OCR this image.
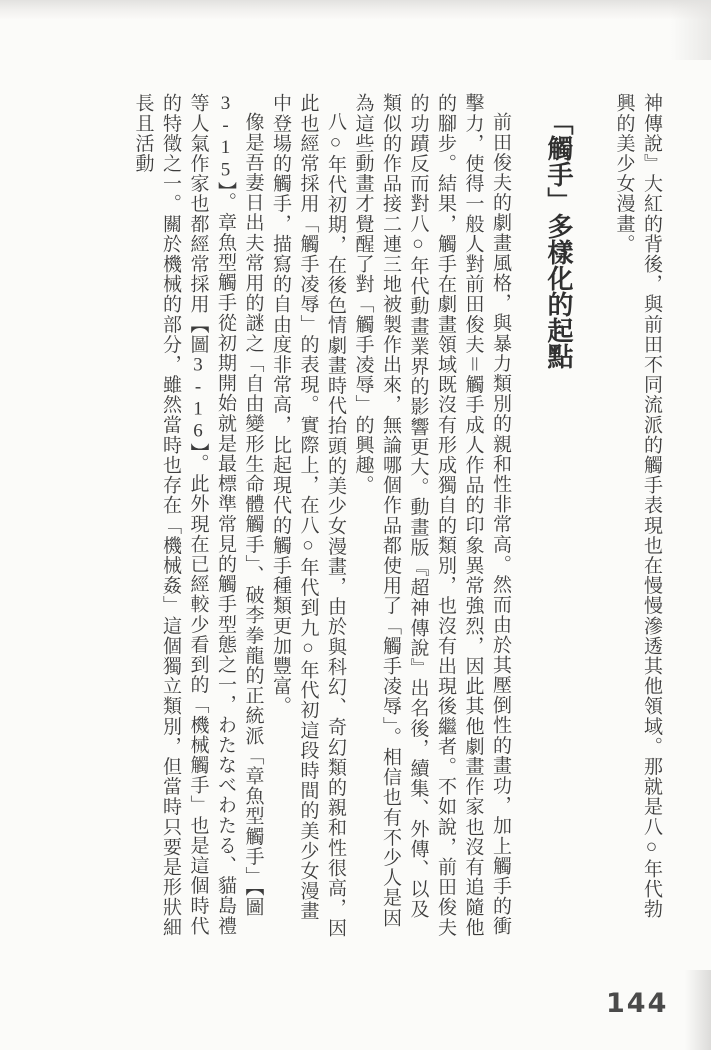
神傳說』大紅的背後，與前田不同流派的觸手表現也在慢慢滲透其他領域。那就是八○年代勃興的美少女漫畫。

「觸手」多樣化的起點

前田俊夫的劇畫風格，與暴力類別的親和性非常高。然而由於其壓倒性的畫功，加上觸手的衝擊力，使得一般人對前田俊夫＝觸手成人作品的印象異常強烈，因此其他劇畫作家也沒有追隨他的腳步。結果，觸手在劇畫領域既沒有形成獨自的類別，也沒有出現後繼者。不如說，前田俊夫的功蹟反而對八○年代動畫業界的影響更大。動畫版『超神傳說』出名後，續集、外傳、以及類似的作品接二連三地被製作出來，無論哪個作品都使用了「觸手凌辱」。相信也有不少人是因為這些動畫才覺醒了對「觸手凌辱」的興趣。

八○年代初期，在後色情劇畫時代抬頭的美少女漫畫，由於與科幻、奇幻類的親和性很高，因此也經常採用「觸手凌辱」的表現。實際上，在八○年代到九○年代初這段時間的美少女漫畫中登場的觸手，描寫的自由度非常高，比起現代的觸手種類更加豐富。

像是吾妻日出夫常用的謎之「自由變形生命體觸手」、破李拳龍的正統派「章魚型觸手」【圖3-15】。章魚型觸手從初期開始就是最標準常見的觸手型態之一，わたなべわたる、貓島禮等人氣作家也都經常採用【圖3-16】。此外現在已經較少看到的「機械觸手」也是這個時代的特徵之一。關於機械的部分，雖然當時也存在「機械姦」這個獨立類別，但當時只要是形狀細長且活動

144
